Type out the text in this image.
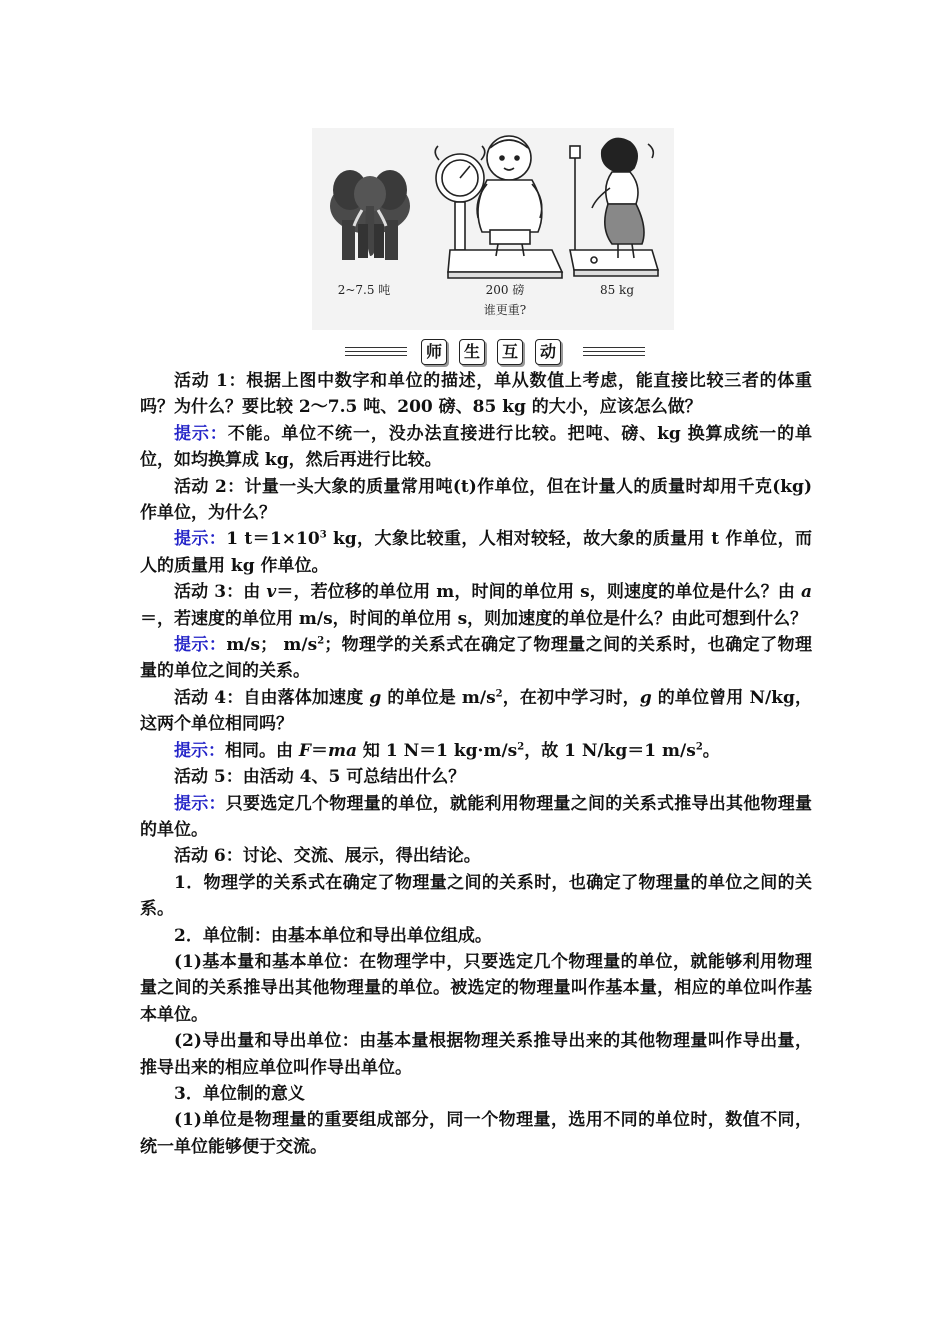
2~7.5 吨	200 磅	85 kg
谁更重?
师	生	互	动

活动 1：根据上图中数字和单位的描述，单从数值上考虑，能直接比较三者的体重吗？为什么？要比较 2～7.5 吨、200 磅、85 kg 的大小，应该怎么做？

提示：不能。单位不统一，没办法直接进行比较。把吨、磅、kg 换算成统一的单位，如均换算成 kg，然后再进行比较。

活动 2：计量一头大象的质量常用吨(t)作单位，但在计量人的质量时却用千克(kg)作单位，为什么？

提示：1 $t=1\times 10^3$ kg，大象比较重，人相对较轻，故大象的质量用 t 作单位，而人的质量用 kg 作单位。

活动 3：由 v＝，若位移的单位用 m，时间的单位用 s，则速度的单位是什么？由 a＝，若速度的单位用 m/s，时间的单位用 s，则加速度的单位是什么？由此可想到什么？

提示：m/s； $m/s^2$；物理学的关系式在确定了物理量之间的关系时，也确定了物理量的单位之间的关系。

活动 4：自由落体加速度 g 的单位是 $m/s^2$，在初中学习时，g 的单位曾用 N/kg，这两个单位相同吗？

提示：相同。由 F＝ma 知 1 N＝1 $kg\cdot m/s^2$，故 1 N/kg＝1 $m/s^2$。

活动 5：由活动 4、5 可总结出什么？

提示：只要选定几个物理量的单位，就能利用物理量之间的关系式推导出其他物理量的单位。

活动 6：讨论、交流、展示，得出结论。

1．物理学的关系式在确定了物理量之间的关系时，也确定了物理量的单位之间的关系。

2．单位制：由基本单位和导出单位组成。

(1)基本量和基本单位：在物理学中，只要选定几个物理量的单位，就能够利用物理量之间的关系推导出其他物理量的单位。被选定的物理量叫作基本量，相应的单位叫作基本单位。

(2)导出量和导出单位：由基本量根据物理关系推导出来的其他物理量叫作导出量，推导出来的相应单位叫作导出单位。

3．单位制的意义

(1)单位是物理量的重要组成部分，同一个物理量，选用不同的单位时，数值不同，统一单位能够便于交流。
